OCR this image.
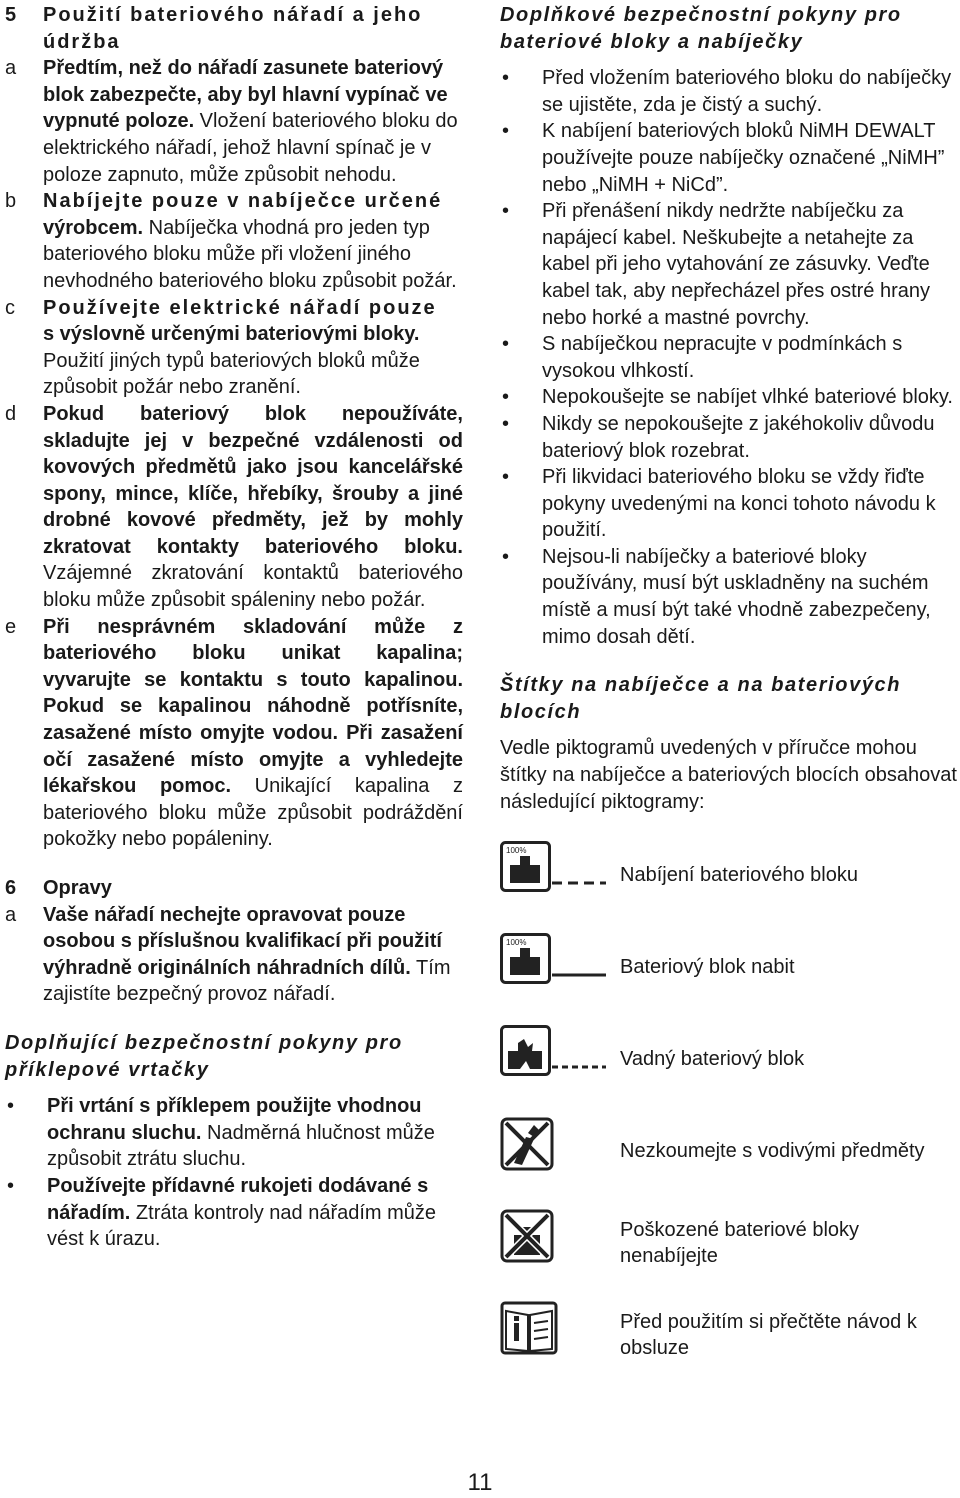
5	Použití bateriového nářadí a jeho
údržba
a	Předtím, než do nářadí zasunete bateriový blok zabezpečte, aby byl hlavní vypínač ve vypnuté poloze. Vložení bateriového bloku do elektrického nářadí, jehož hlavní spínač je v poloze zapnuto, může způsobit nehodu.
b	Nabíjejte pouze v nabíječce určené
výrobcem. Nabíječka vhodná pro jeden typ bateriového bloku může při vložení jiného nevhodného bateriového bloku způsobit požár.
c	Používejte elektrické nářadí pouze
s výslovně určenými bateriovými bloky. Použití jiných typů bateriových bloků může způsobit požár nebo zranění.
d	Pokud bateriový blok nepoužíváte, skladujte jej v bezpečné vzdálenosti od kovových předmětů jako jsou kancelářské spony, mince, klíče, hřebíky, šrouby a jiné drobné kovové předměty, jež by mohly zkratovat kontakty bateriového bloku. Vzájemné zkratování kontaktů bateriového bloku může způsobit spáleniny nebo požár.
e	Při nesprávném skladování může z bateriového bloku unikat kapalina; vyvarujte se kontaktu s touto kapalinou. Pokud se kapalinou náhodně potřísníte, zasažené místo omyjte vodou. Při zasažení očí zasažené místo omyjte a vyhledejte lékařskou pomoc. Unikající kapalina z bateriového bloku může způsobit podráždění pokožky nebo popáleniny.
6	Opravy
a	Vaše nářadí nechejte opravovat pouze osobou s příslušnou kvalifikací při použití výhradně originálních náhradních dílů. Tím zajistíte bezpečný provoz nářadí.
Doplňující bezpečnostní pokyny pro příklepové vrtačky
•	Při vrtání s příklepem použijte vhodnou ochranu sluchu. Nadměrná hlučnost může způsobit ztrátu sluchu.
•	Používejte přídavné rukojeti dodávané s nářadím. Ztráta kontroly nad nářadím může vést k úrazu.
Doplňkové bezpečnostní pokyny pro bateriové bloky a nabíječky
•	Před vložením bateriového bloku do nabíječky se ujistěte, zda je čistý a suchý.
•	K nabíjení bateriových bloků NiMH DEWALT používejte pouze nabíječky označené „NiMH” nebo „NiMH + NiCd”.
•	Při přenášení nikdy nedržte nabíječku za napájecí kabel. Neškubejte a netahejte za kabel při jeho vytahování ze zásuvky. Veďte kabel tak, aby nepřecházel přes ostré hrany nebo horké a mastné povrchy.
•	S nabíječkou nepracujte v podmínkách s vysokou vlhkostí.
•	Nepokoušejte se nabíjet vlhké bateriové bloky.
•	Nikdy se nepokoušejte z jakéhokoliv důvodu bateriový blok rozebrat.
•	Při likvidaci bateriového bloku se vždy řiďte pokyny uvedenými na konci tohoto návodu k použití.
•	Nejsou-li nabíječky a bateriové bloky používány, musí být uskladněny na suchém místě a musí být také vhodně zabezpečeny, mimo dosah dětí.
Štítky na nabíječce a na bateriových blocích
Vedle piktogramů uvedených v příručce mohou štítky na nabíječce a bateriových blocích obsahovat následující piktogramy:
100%
Nabíjení bateriového bloku
100%
Bateriový blok nabit
Vadný bateriový blok
Nezkoumejte s vodivými předměty
Poškozené bateriové bloky nenabíjejte
Před použitím si přečtěte návod k obsluze
11
